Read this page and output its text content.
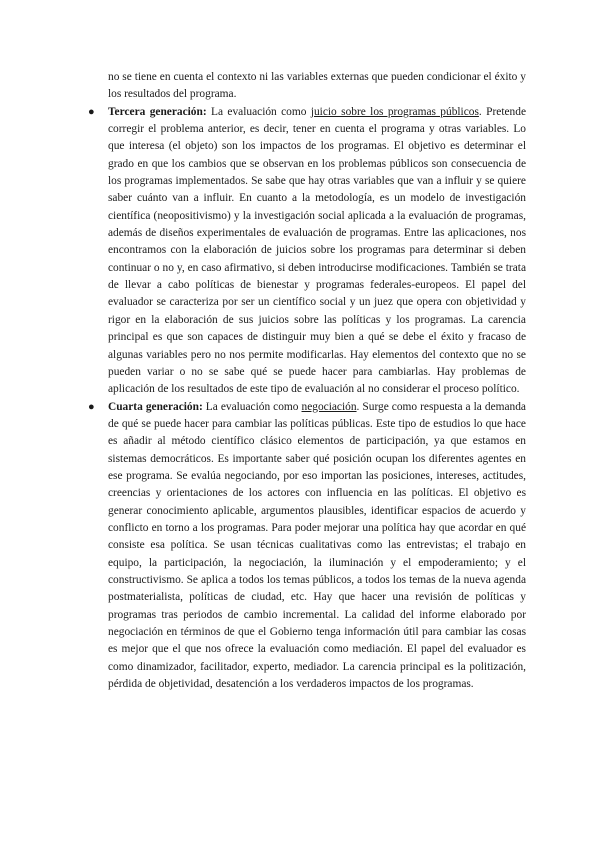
no se tiene en cuenta el contexto ni las variables externas que pueden condicionar el éxito y los resultados del programa.

● Tercera generación: La evaluación como juicio sobre los programas públicos. Pretende corregir el problema anterior, es decir, tener en cuenta el programa y otras variables. Lo que interesa (el objeto) son los impactos de los programas. El objetivo es determinar el grado en que los cambios que se observan en los problemas públicos son consecuencia de los programas implementados. Se sabe que hay otras variables que van a influir y se quiere saber cuánto van a influir. En cuanto a la metodología, es un modelo de investigación científica (neopositivismo) y la investigación social aplicada a la evaluación de programas, además de diseños experimentales de evaluación de programas. Entre las aplicaciones, nos encontramos con la elaboración de juicios sobre los programas para determinar si deben continuar o no y, en caso afirmativo, si deben introducirse modificaciones. También se trata de llevar a cabo políticas de bienestar y programas federales-europeos. El papel del evaluador se caracteriza por ser un científico social y un juez que opera con objetividad y rigor en la elaboración de sus juicios sobre las políticas y los programas. La carencia principal es que son capaces de distinguir muy bien a qué se debe el éxito y fracaso de algunas variables pero no nos permite modificarlas. Hay elementos del contexto que no se pueden variar o no se sabe qué se puede hacer para cambiarlas. Hay problemas de aplicación de los resultados de este tipo de evaluación al no considerar el proceso político.

● Cuarta generación: La evaluación como negociación. Surge como respuesta a la demanda de qué se puede hacer para cambiar las políticas públicas. Este tipo de estudios lo que hace es añadir al método científico clásico elementos de participación, ya que estamos en sistemas democráticos. Es importante saber qué posición ocupan los diferentes agentes en ese programa. Se evalúa negociando, por eso importan las posiciones, intereses, actitudes, creencias y orientaciones de los actores con influencia en las políticas. El objetivo es generar conocimiento aplicable, argumentos plausibles, identificar espacios de acuerdo y conflicto en torno a los programas. Para poder mejorar una política hay que acordar en qué consiste esa política. Se usan técnicas cualitativas como las entrevistas; el trabajo en equipo, la participación, la negociación, la iluminación y el empoderamiento; y el constructivismo. Se aplica a todos los temas públicos, a todos los temas de la nueva agenda postmaterialista, políticas de ciudad, etc. Hay que hacer una revisión de políticas y programas tras periodos de cambio incremental. La calidad del informe elaborado por negociación en términos de que el Gobierno tenga información útil para cambiar las cosas es mejor que el que nos ofrece la evaluación como mediación. El papel del evaluador es como dinamizador, facilitador, experto, mediador. La carencia principal es la politización, pérdida de objetividad, desatención a los verdaderos impactos de los programas.
